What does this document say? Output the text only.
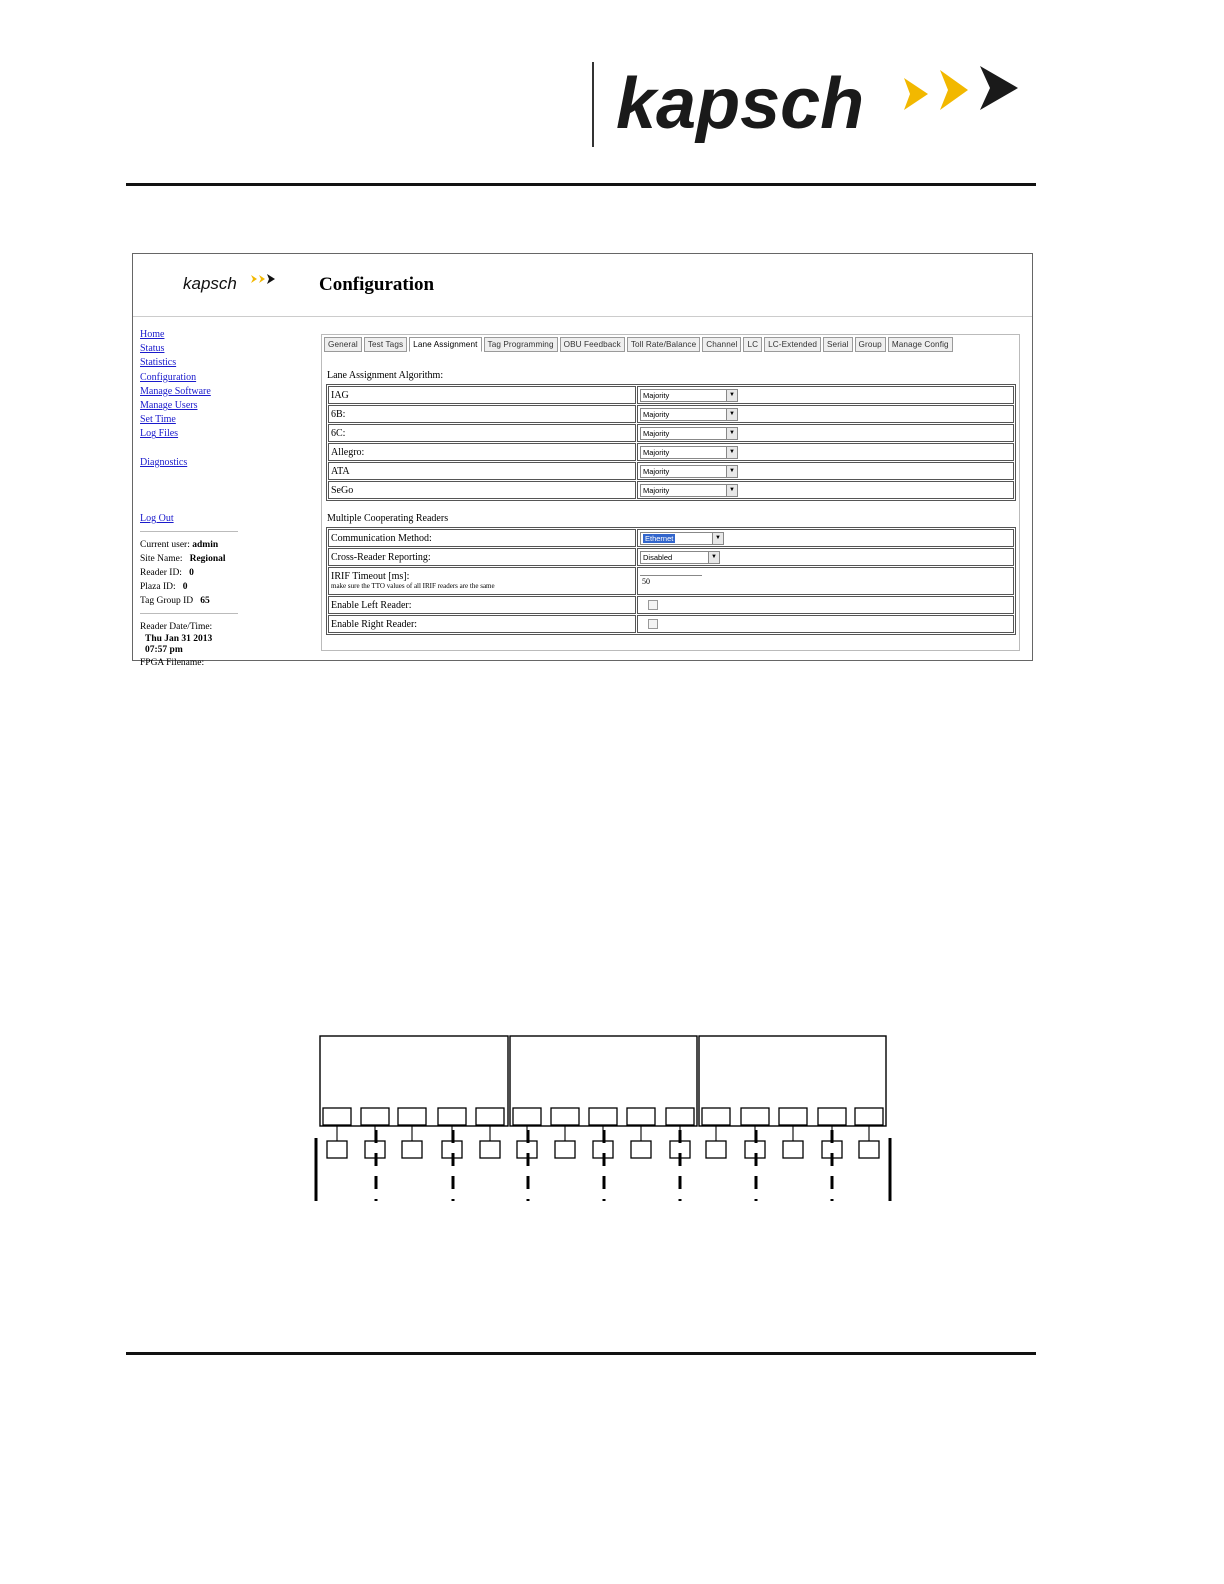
kapsch
kapsch	Configuration
Home
Status
Statistics
Configuration
Manage Software
Manage Users
Set Time
Log Files
Diagnostics
Log Out
Current user: admin
Site Name: Regional
Reader ID: 0
Plaza ID: 0
Tag Group ID 65
Reader Date/Time:
Thu Jan 31 2013
07:57 pm
FPGA Filename:
General	Test Tags	Lane Assignment	Tag Programming	OBU Feedback	Toll Rate/Balance	Channel	LC	LC-Extended	Serial	Group	Manage Config
Lane Assignment Algorithm:
IAG	Majority ▼

6B:	Majority ▼

6C:	Majority ▼

Allegro:	Majority ▼

ATA	Majority ▼

SeGo	Majority ▼
Multiple Cooperating Readers
Communication Method:	Ethernet ▼

Cross-Reader Reporting:	Disabled ▼

IRIF Timeout [ms]:
make sure the TTO values of all IRIF readers are the same	50
Enable Left Reader:	
Enable Right Reader:	
